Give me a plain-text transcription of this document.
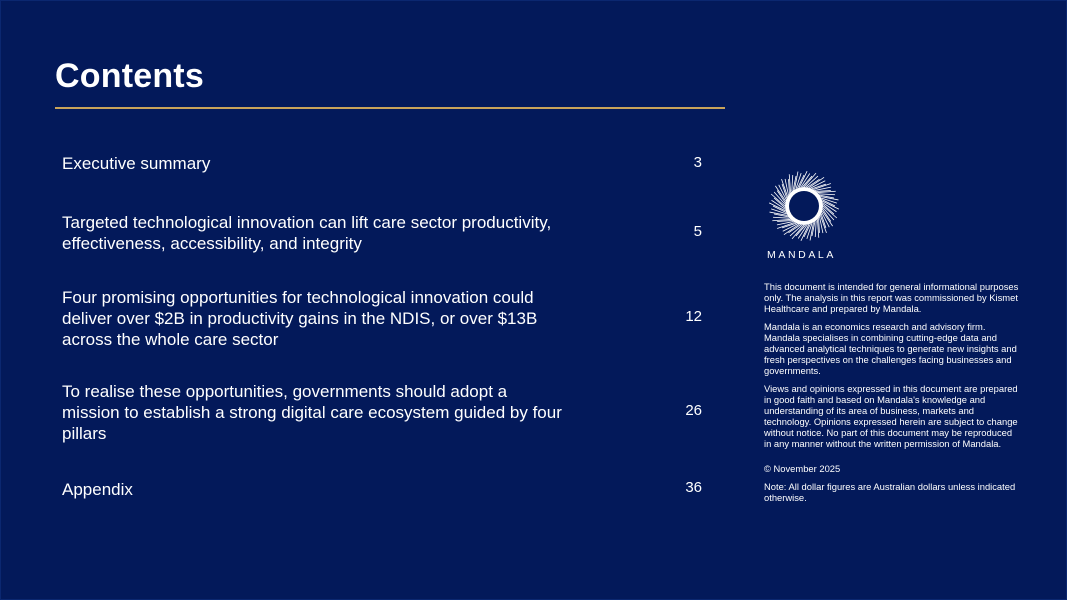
Contents
Executive summary	3
Targeted technological innovation can lift care sector productivity, effectiveness, accessibility, and integrity
5
Four promising opportunities for technological innovation could deliver over $2B in productivity gains in the NDIS, or over $13B across the whole care sector
12
To realise these opportunities, governments should adopt a mission to establish a strong digital care ecosystem guided by four pillars
26
Appendix	36
MANDALA

This document is intended for general informational purposes only. The analysis in this report was commissioned by Kismet Healthcare and prepared by Mandala.

Mandala is an economics research and advisory firm. Mandala specialises in combining cutting-edge data and advanced analytical techniques to generate new insights and fresh perspectives on the challenges facing businesses and governments.

Views and opinions expressed in this document are prepared in good faith and based on Mandala's knowledge and understanding of its area of business, markets and technology. Opinions expressed herein are subject to change without notice. No part of this document may be reproduced in any manner without the written permission of Mandala.

© November 2025

Note: All dollar figures are Australian dollars unless indicated otherwise.
